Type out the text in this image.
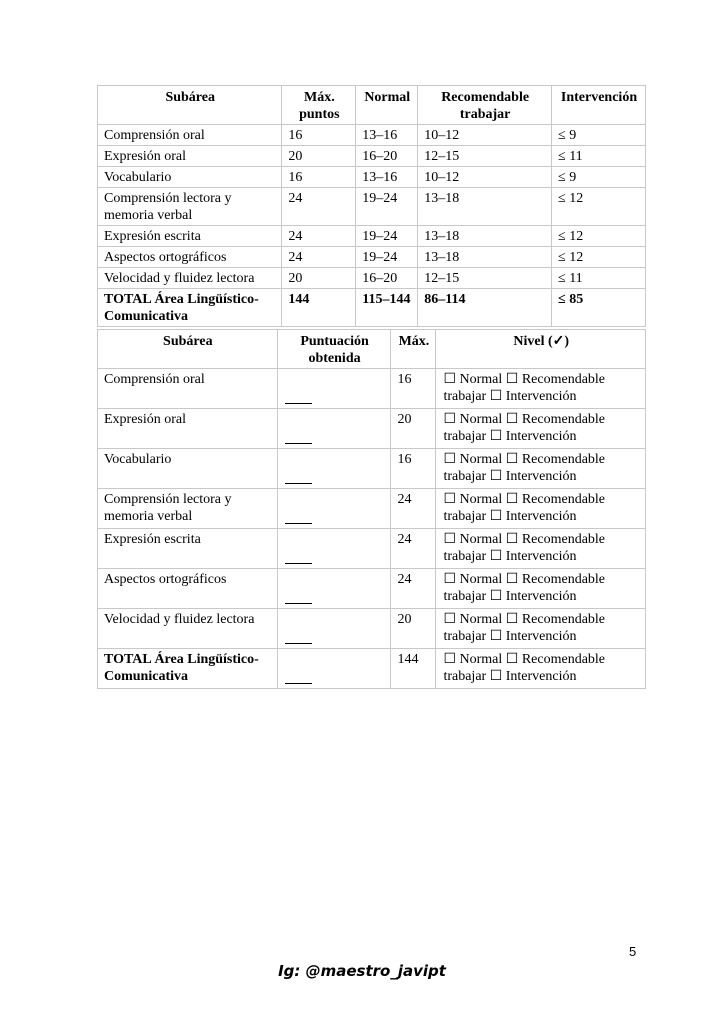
Subárea	Máx. puntos	Normal	Recomendable trabajar	Intervención
Comprensión oral	16	13–16	10–12	≤ 9
Expresión oral	20	16–20	12–15	≤ 11
Vocabulario	16	13–16	10–12	≤ 9
Comprensión lectora y memoria verbal	24	19–24	13–18	≤ 12
Expresión escrita	24	19–24	13–18	≤ 12
Aspectos ortográficos	24	19–24	13–18	≤ 12
Velocidad y fluidez lectora	20	16–20	12–15	≤ 11
TOTAL Área Lingüístico-Comunicativa	144	115–144	86–114	≤ 85
Subárea	Puntuación obtenida	Máx.	Nivel (✓)
Comprensión oral		16	☐ Normal ☐ Recomendable trabajar ☐ Intervención
Expresión oral		20	☐ Normal ☐ Recomendable trabajar ☐ Intervención
Vocabulario		16	☐ Normal ☐ Recomendable trabajar ☐ Intervención
Comprensión lectora y memoria verbal		24	☐ Normal ☐ Recomendable trabajar ☐ Intervención
Expresión escrita		24	☐ Normal ☐ Recomendable trabajar ☐ Intervención
Aspectos ortográficos		24	☐ Normal ☐ Recomendable trabajar ☐ Intervención
Velocidad y fluidez lectora		20	☐ Normal ☐ Recomendable trabajar ☐ Intervención
TOTAL Área Lingüístico-Comunicativa		144	☐ Normal ☐ Recomendable trabajar ☐ Intervención
5
Ig: @maestro_javipt
